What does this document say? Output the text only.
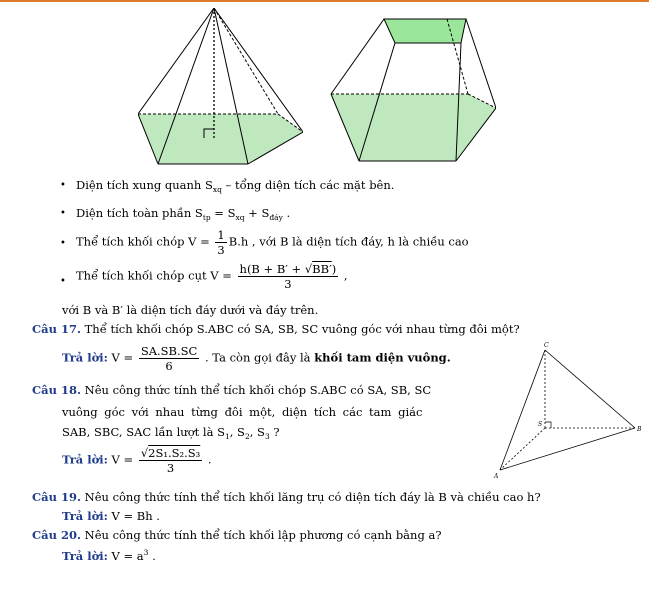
• Diện tích xung quanh $S_{xq}$ – tổng diện tích các mặt bên.
• Diện tích toàn phần $S_{tp} = S_{xq} + S_{đáy}$ .
• Thể tích khối chóp $V = \frac{1}{3} B.h$ , với B là diện tích đáy, h là chiều cao
• Thể tích khối chóp cụt $V = \frac{h(B + B' + √BB')}{3}$ ,
với B và B′ là diện tích đáy dưới và đáy trên.
Câu 17. Thể tích khối chóp S.ABC có SA, SB, SC vuông góc với nhau từng đôi một?
Trả lời: $V = \frac{SA.SB.SC}{6}$ . Ta còn gọi đây là khối tam diện vuông.
Câu 18. Nêu công thức tính thể tích khối chóp S.ABC có SA, SB, SC
vuông góc với nhau từng đôi một, diện tích các tam giác
SAB, SBC, SAC lần lượt là $S_1$, $S_2$, $S_3$ ?
Trả lời: $V = \frac{\text{√2S₁.S₂.S₃}}{3}$ .
C
S
B
A
Câu 19. Nêu công thức tính thể tích khối lăng trụ có diện tích đáy là B và chiều cao h?
Trả lời: V = Bh .
Câu 20. Nêu công thức tính thể tích khối lập phương có cạnh bằng a?
Trả lời: $V = a^3$ .
